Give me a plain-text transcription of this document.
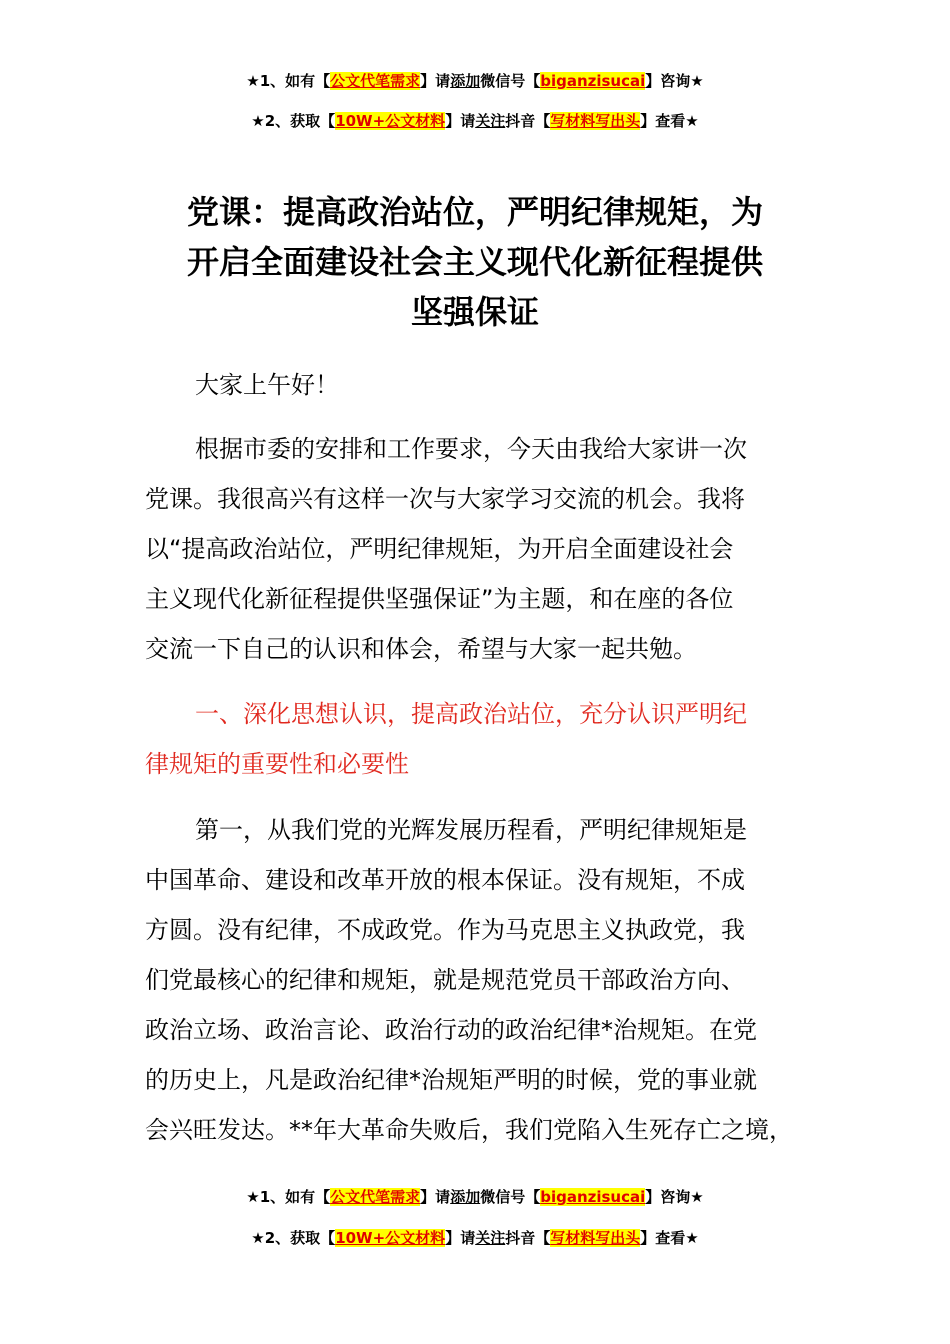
★1、如有【公文代笔需求】请添加微信号【biganzisucai】咨询★
★2、获取【10W+公文材料】请关注抖音【写材料写出头】查看★
党课：提高政治站位，严明纪律规矩，为
开启全面建设社会主义现代化新征程提供
坚强保证
大家上午好！
根据市委的安排和工作要求，今天由我给大家讲一次
党课。我很高兴有这样一次与大家学习交流的机会。我将
以“提高政治站位，严明纪律规矩，为开启全面建设社会
主义现代化新征程提供坚强保证”为主题，和在座的各位
交流一下自己的认识和体会，希望与大家一起共勉。
一、深化思想认识，提高政治站位，充分认识严明纪
律规矩的重要性和必要性
第一，从我们党的光辉发展历程看，严明纪律规矩是
中国革命、建设和改革开放的根本保证。没有规矩，不成
方圆。没有纪律，不成政党。作为马克思主义执政党，我
们党最核心的纪律和规矩，就是规范党员干部政治方向、
政治立场、政治言论、政治行动的政治纪律*治规矩。在党
的历史上，凡是政治纪律*治规矩严明的时候，党的事业就
会兴旺发达。**年大革命失败后，我们党陷入生死存亡之境，
★1、如有【公文代笔需求】请添加微信号【biganzisucai】咨询★
★2、获取【10W+公文材料】请关注抖音【写材料写出头】查看★
